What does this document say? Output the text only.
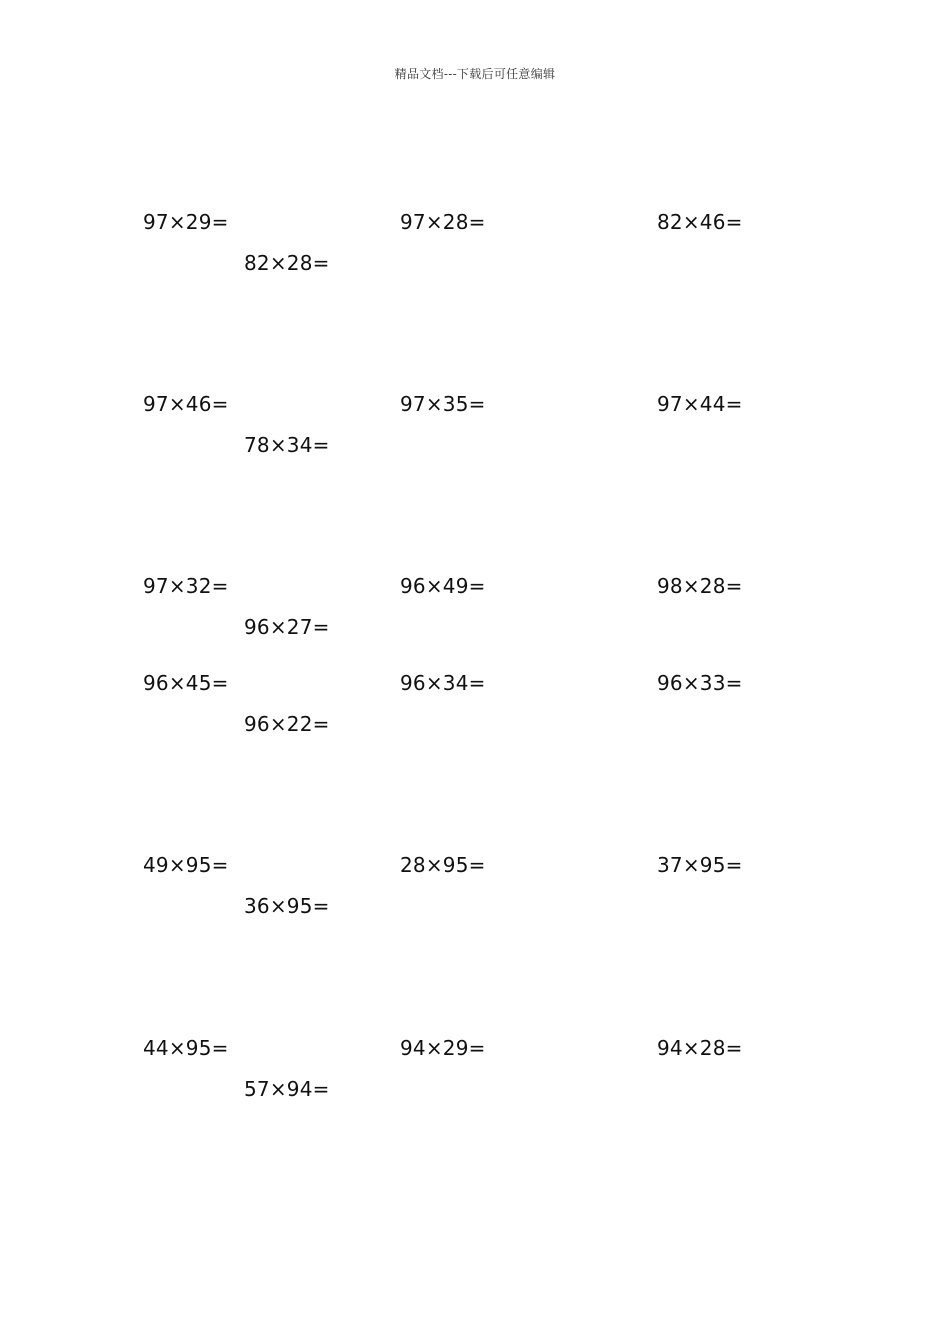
精品文档---下载后可任意编辑
97×29=	97×28=	82×46=
82×28=
97×46=	97×35=	97×44=
78×34=
97×32=	96×49=	98×28=
96×27=
96×45=	96×34=	96×33=
96×22=
49×95=	28×95=	37×95=
36×95=
44×95=	94×29=	94×28=
57×94=
